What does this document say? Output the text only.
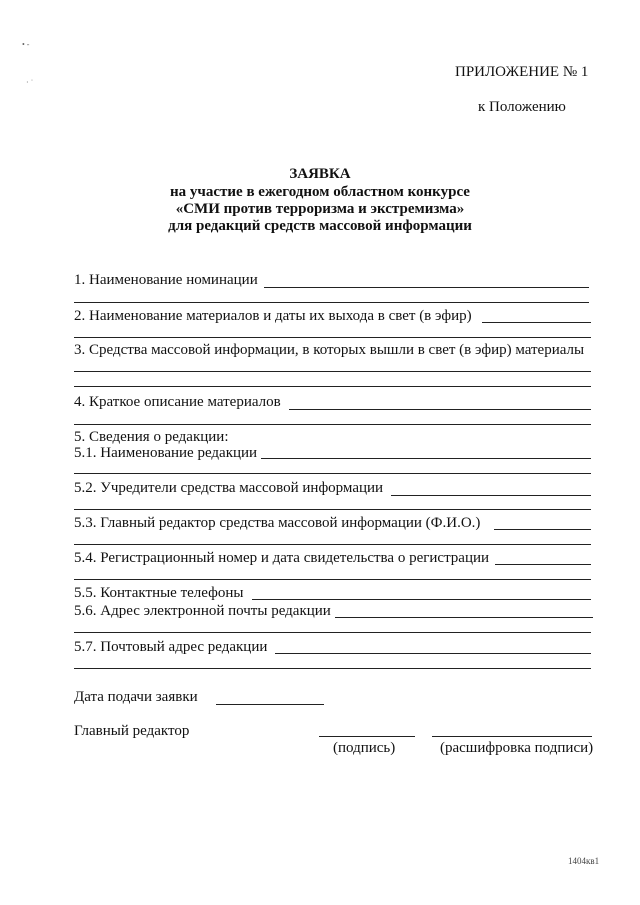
• ‐
· ˙
ПРИЛОЖЕНИЕ № 1
к Положению
ЗАЯВКА
на участие в ежегодном областном конкурсе
«СМИ против терроризма и экстремизма»
для редакций средств массовой информации
1. Наименование номинации
2. Наименование материалов и даты их выхода в свет (в эфир)
3. Средства массовой информации, в которых вышли в свет (в эфир) материалы
4. Краткое описание материалов
5. Сведения о редакции:
5.1. Наименование редакции
5.2. Учредители средства массовой информации
5.3. Главный редактор средства массовой информации (Ф.И.О.)
5.4. Регистрационный номер и дата свидетельства о регистрации
5.5. Контактные телефоны
5.6. Адрес электронной почты редакции
5.7. Почтовый адрес редакции
Дата подачи заявки
Главный редактор
(подпись)	(расшифровка подписи)
1404кв1
